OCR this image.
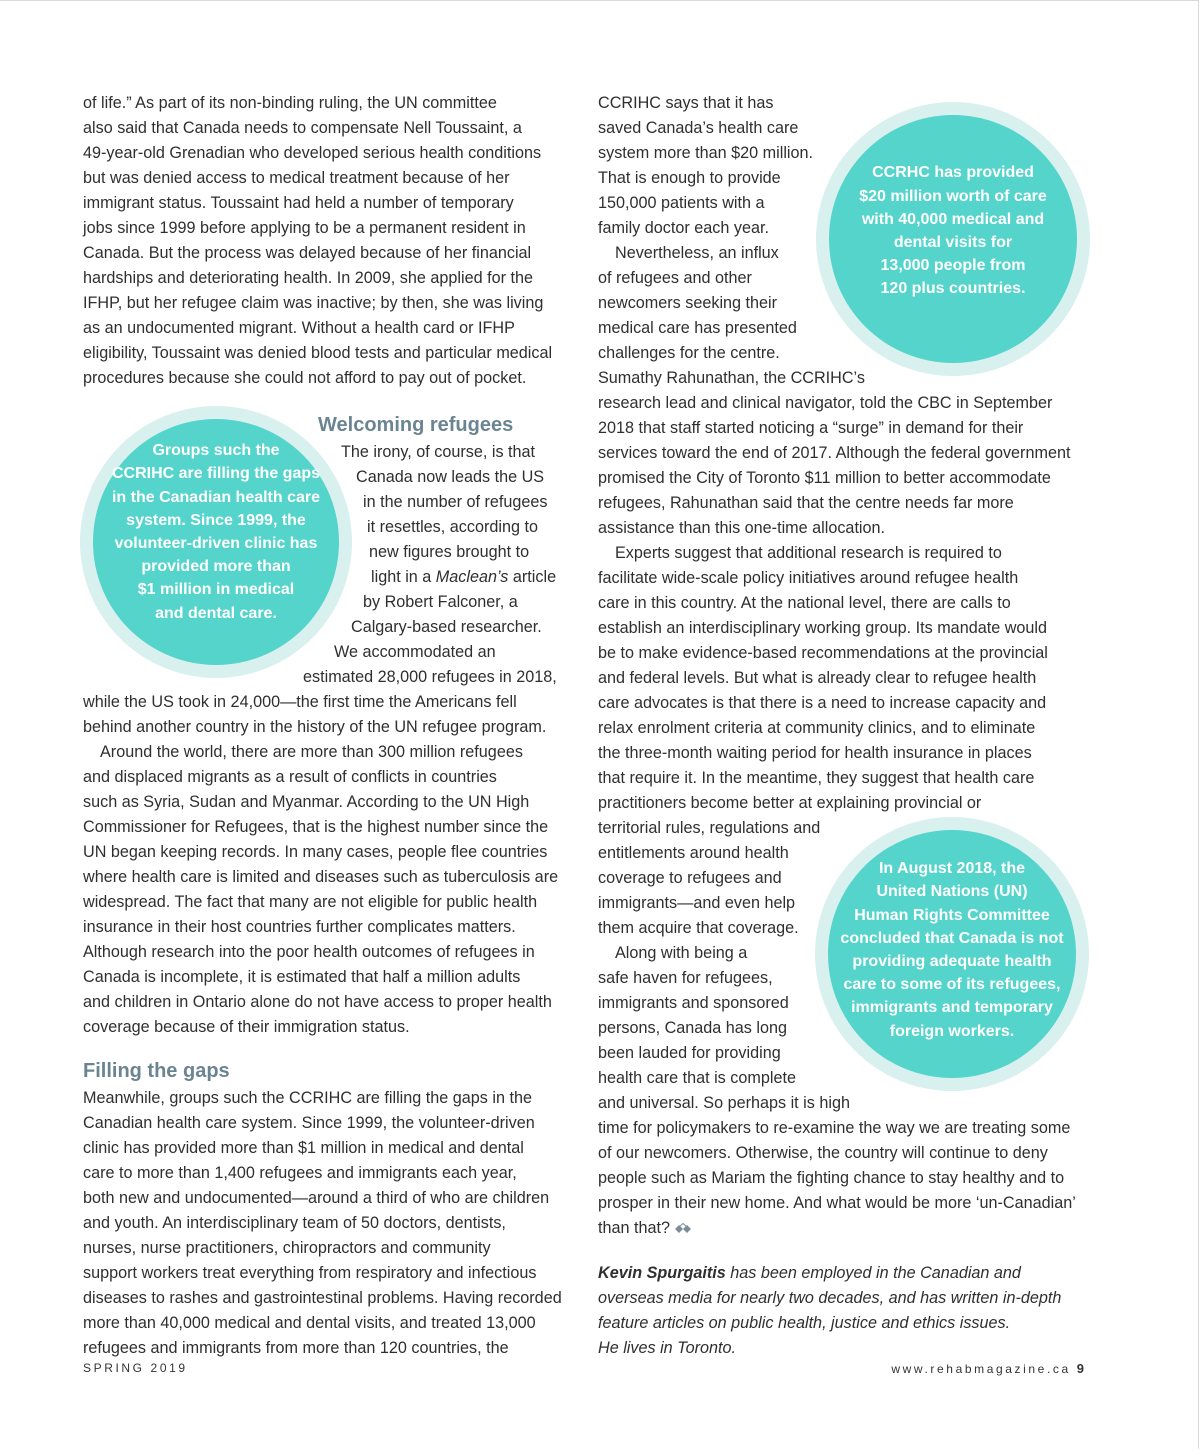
of life.” As part of its non-binding ruling, the UN committee
also said that Canada needs to compensate Nell Toussaint, a
49-year-old Grenadian who developed serious health conditions
but was denied access to medical treatment because of her
immigrant status. Toussaint had held a number of temporary
jobs since 1999 before applying to be a permanent resident in
Canada. But the process was delayed because of her financial
hardships and deteriorating health. In 2009, she applied for the
IFHP, but her refugee claim was inactive; by then, she was living
as an undocumented migrant. Without a health card or IFHP
eligibility, Toussaint was denied blood tests and particular medical
procedures because she could not afford to pay out of pocket.
Welcoming refugees
The irony, of course, is that
Canada now leads the US
in the number of refugees
it resettles, according to
new figures brought to
light in a Maclean’s article
by Robert Falconer, a
Calgary-based researcher.
We accommodated an
estimated 28,000 refugees in 2018,
while the US took in 24,000—the first time the Americans fell
behind another country in the history of the UN refugee program.
Around the world, there are more than 300 million refugees
and displaced migrants as a result of conflicts in countries
such as Syria, Sudan and Myanmar. According to the UN High
Commissioner for Refugees, that is the highest number since the
UN began keeping records. In many cases, people flee countries
where health care is limited and diseases such as tuberculosis are
widespread. The fact that many are not eligible for public health
insurance in their host countries further complicates matters.
Although research into the poor health outcomes of refugees in
Canada is incomplete, it is estimated that half a million adults
and children in Ontario alone do not have access to proper health
coverage because of their immigration status.
Filling the gaps
Meanwhile, groups such the CCRIHC are filling the gaps in the
Canadian health care system. Since 1999, the volunteer-driven
clinic has provided more than $1 million in medical and dental
care to more than 1,400 refugees and immigrants each year,
both new and undocumented—around a third of who are children
and youth. An interdisciplinary team of 50 doctors, dentists,
nurses, nurse practitioners, chiropractors and community
support workers treat everything from respiratory and infectious
diseases to rashes and gastrointestinal problems. Having recorded
more than 40,000 medical and dental visits, and treated 13,000
refugees and immigrants from more than 120 countries, the
CCRIHC says that it has
saved Canada’s health care
system more than $20 million.
That is enough to provide
150,000 patients with a
family doctor each year.
Nevertheless, an influx
of refugees and other
newcomers seeking their
medical care has presented
challenges for the centre.
Sumathy Rahunathan, the CCRIHC’s
research lead and clinical navigator, told the CBC in September
2018 that staff started noticing a “surge” in demand for their
services toward the end of 2017. Although the federal government
promised the City of Toronto $11 million to better accommodate
refugees, Rahunathan said that the centre needs far more
assistance than this one-time allocation.
Experts suggest that additional research is required to
facilitate wide-scale policy initiatives around refugee health
care in this country. At the national level, there are calls to
establish an interdisciplinary working group. Its mandate would
be to make evidence-based recommendations at the provincial
and federal levels. But what is already clear to refugee health
care advocates is that there is a need to increase capacity and
relax enrolment criteria at community clinics, and to eliminate
the three-month waiting period for health insurance in places
that require it. In the meantime, they suggest that health care
practitioners become better at explaining provincial or
territorial rules, regulations and
entitlements around health
coverage to refugees and
immigrants—and even help
them acquire that coverage.
Along with being a
safe haven for refugees,
immigrants and sponsored
persons, Canada has long
been lauded for providing
health care that is complete
and universal. So perhaps it is high
time for policymakers to re-examine the way we are treating some
of our newcomers. Otherwise, the country will continue to deny
people such as Mariam the fighting chance to stay healthy and to
prosper in their new home. And what would be more ‘un-Canadian’
than that?
Kevin Spurgaitis has been employed in the Canadian and
overseas media for nearly two decades, and has written in-depth
feature articles on public health, justice and ethics issues.
He lives in Toronto.
CCRHC has provided
$20 million worth of care
with 40,000 medical and
dental visits for
13,000 people from
120 plus countries.
Groups such the
CCRIHC are filling the gaps
in the Canadian health care
system. Since 1999, the
volunteer-driven clinic has
provided more than
$1 million in medical
and dental care.
In August 2018, the
United Nations (UN)
Human Rights Committee
concluded that Canada is not
providing adequate health
care to some of its refugees,
immigrants and temporary
foreign workers.
SPRING 2019	www.rehabmagazine.ca 9
